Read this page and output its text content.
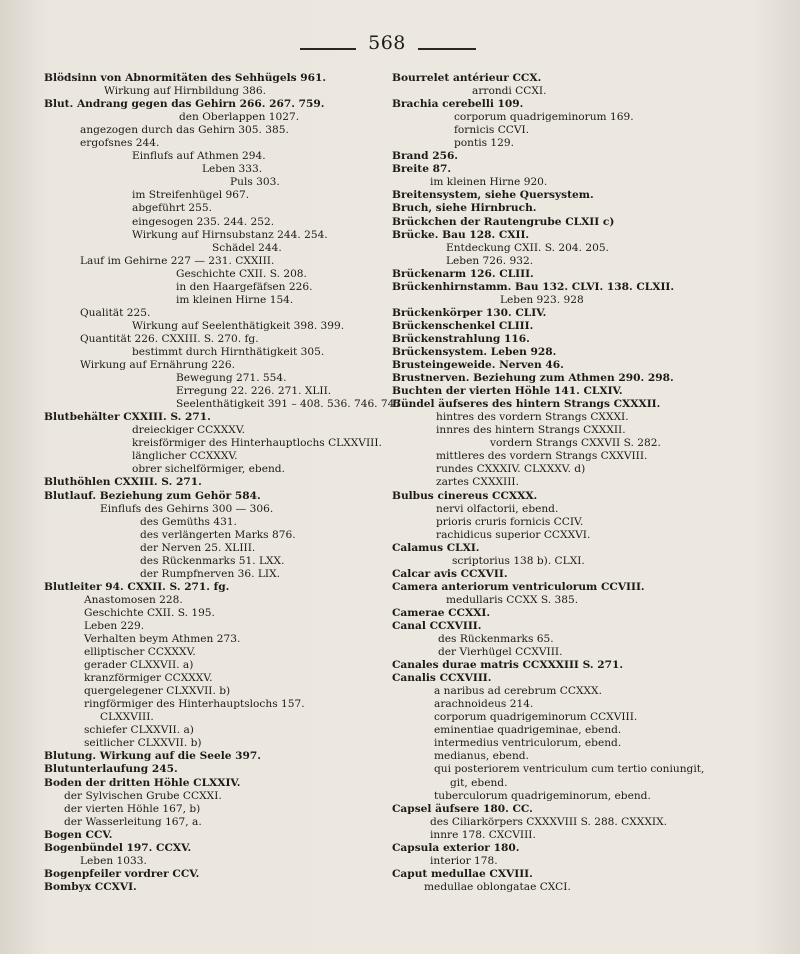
568
Blödsinn von Abnormitäten des Sehhügels 961.
Wirkung auf Hirnbildung 386.
Blut. Andrang gegen das Gehirn 266. 267. 759.
den Oberlappen 1027.
angezogen durch das Gehirn 305. 385.
ergofsnes 244.
Einflufs auf Athmen 294.
Leben 333.
Puls 303.
im Streifenhügel 967.
abgeführt 255.
eingesogen 235. 244. 252.
Wirkung auf Hirnsubstanz 244. 254.
Schädel 244.
Lauf im Gehirne 227 — 231. CXXIII.
Geschichte CXII. S. 208.
in den Haargefäfsen 226.
im kleinen Hirne 154.
Qualität 225.
Wirkung auf Seelenthätigkeit 398. 399.
Quantität 226. CXXIII. S. 270. fg.
bestimmt durch Hirnthätigkeit 305.
Wirkung auf Ernährung 226.
Bewegung 271. 554.
Erregung 22. 226. 271. XLII.
Seelenthätigkeit 391 – 408. 536. 746. 747.
Blutbehälter CXXIII. S. 271.
dreieckiger CCXXXV.
kreisförmiger des Hinterhauptlochs CLXXVIII.
länglicher CCXXXV.
obrer sichelförmiger, ebend.
Bluthöhlen CXXIII. S. 271.
Blutlauf. Beziehung zum Gehör 584.
Einflufs des Gehirns 300 — 306.
des Gemüths 431.
des verlängerten Marks 876.
der Nerven 25. XLIII.
des Rückenmarks 51. LXX.
der Rumpfnerven 36. LIX.
Blutleiter 94. CXXII. S. 271. fg.
Anastomosen 228.
Geschichte CXII. S. 195.
Leben 229.
Verhalten beym Athmen 273.
elliptischer CCXXXV.
gerader CLXXVII. a)
kranzförmiger CCXXXV.
quergelegener CLXXVII. b)
ringförmiger des Hinterhauptslochs 157.
CLXXVIII.
schiefer CLXXVII. a)
seitlicher CLXXVII. b)
Blutung. Wirkung auf die Seele 397.
Blutunterlaufung 245.
Boden der dritten Höhle CLXXIV.
der Sylvischen Grube CCXXI.
der vierten Höhle 167, b)
der Wasserleitung 167, a.
Bogen CCV.
Bogenbündel 197. CCXV.
Leben 1033.
Bogenpfeiler vordrer CCV.
Bombyx CCXVI.
Bourrelet antérieur CCX.
arrondi CCXI.
Brachia cerebelli 109.
corporum quadrigeminorum 169.
fornicis CCVI.
pontis 129.
Brand 256.
Breite 87.
im kleinen Hirne 920.
Breitensystem, siehe Quersystem.
Bruch, siehe Hirnbruch.
Brückchen der Rautengrube CLXII c)
Brücke. Bau 128. CXII.
Entdeckung CXII. S. 204. 205.
Leben 726. 932.
Brückenarm 126. CLIII.
Brückenhirnstamm. Bau 132. CLVI. 138. CLXII.
Leben 923. 928
Brückenkörper 130. CLIV.
Brückenschenkel CLIII.
Brückenstrahlung 116.
Brückensystem. Leben 928.
Brusteingeweide. Nerven 46.
Brustnerven. Beziehung zum Athmen 290. 298.
Buchten der vierten Höhle 141. CLXIV.
Bündel äufseres des hintern Strangs CXXXII.
hintres des vordern Strangs CXXXI.
innres des hintern Strangs CXXXII.
vordern Strangs CXXVII S. 282.
mittleres des vordern Strangs CXXVIII.
rundes CXXXIV. CLXXXV. d)
zartes CXXXIII.
Bulbus cinereus CCXXX.
nervi olfactorii, ebend.
prioris cruris fornicis CCIV.
rachidicus superior CCXXVI.
Calamus CLXI.
scriptorius 138 b). CLXI.
Calcar avis CCXVII.
Camera anteriorum ventriculorum CCVIII.
medullaris CCXX S. 385.
Camerae CCXXI.
Canal CCXVIII.
des Rückenmarks 65.
der Vierhügel CCXVIII.
Canales durae matris CCXXXIII S. 271.
Canalis CCXVIII.
a naribus ad cerebrum CCXXX.
arachnoideus 214.
corporum quadrigeminorum CCXVIII.
eminentiae quadrigeminae, ebend.
intermedius ventriculorum, ebend.
medianus, ebend.
qui posteriorem ventriculum cum tertio coniungit,
git, ebend.
tuberculorum quadrigeminorum, ebend.
Capsel äufsere 180. CC.
des Ciliarkörpers CXXXVIII S. 288. CXXXIX.
innre 178. CXCVIII.
Capsula exterior 180.
interior 178.
Caput medullae CXVIII.
medullae oblongatae CXCI.
